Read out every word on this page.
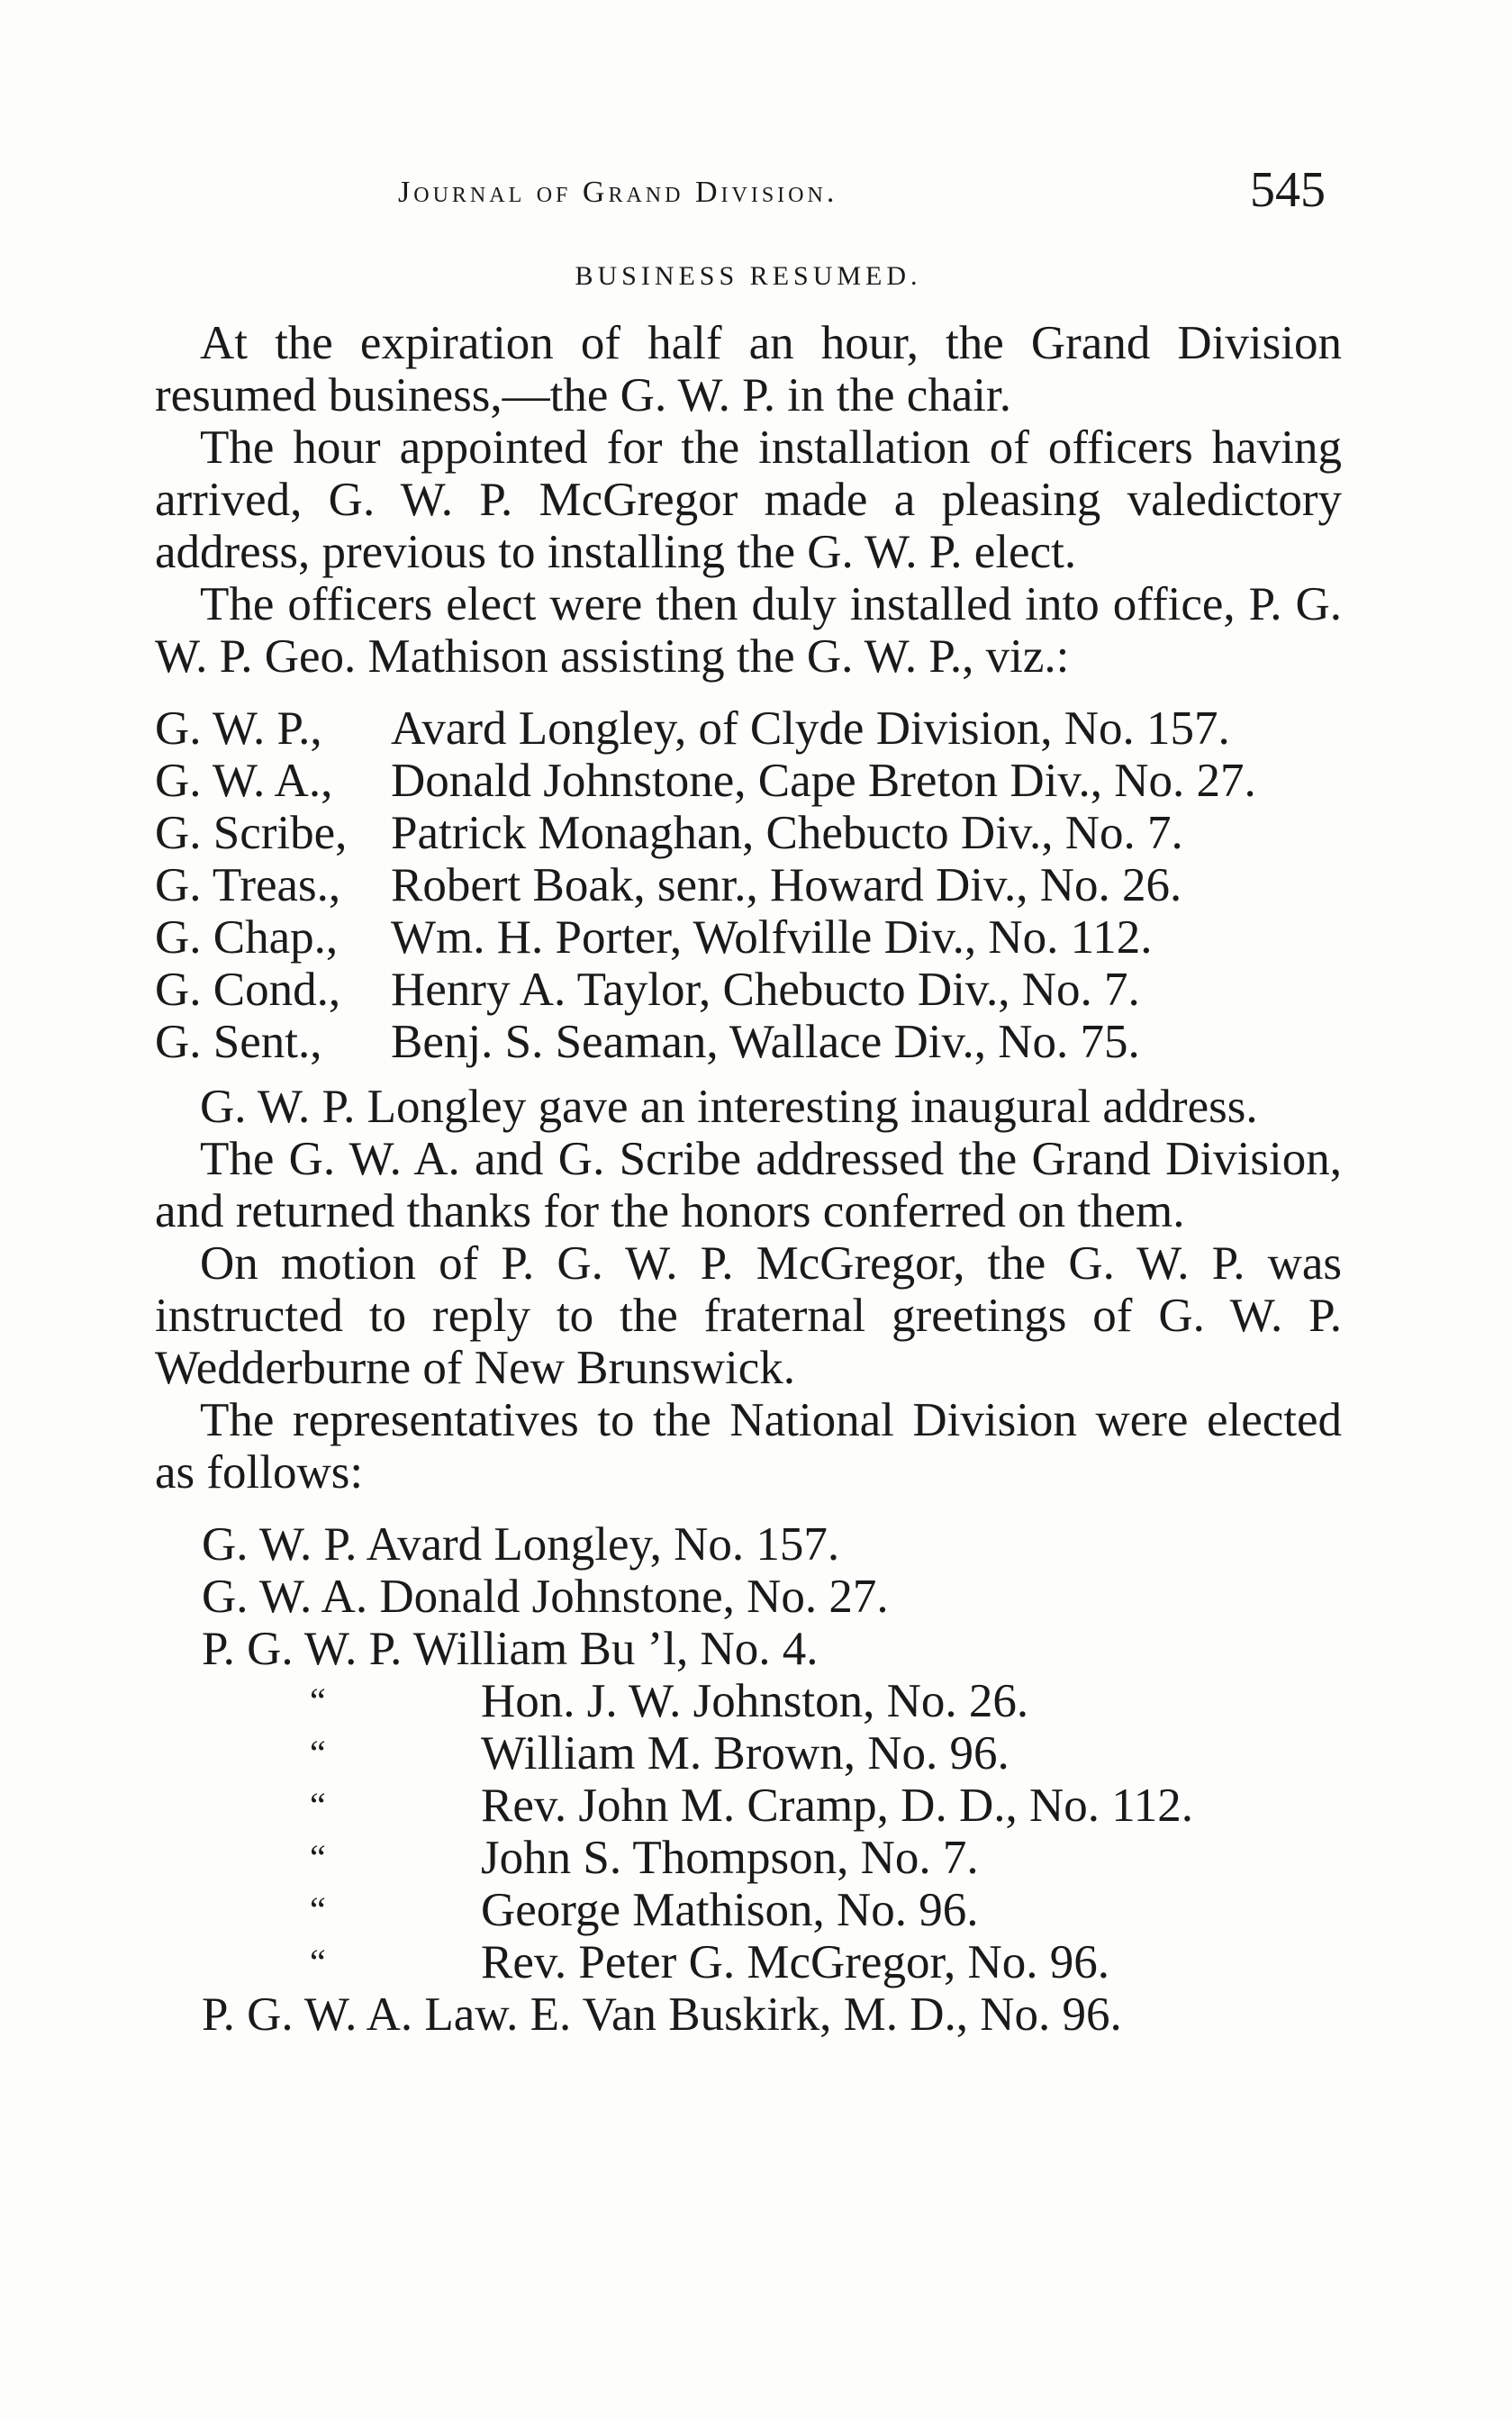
Journal of Grand Division.	545
BUSINESS RESUMED.

At the expiration of half an hour, the Grand Division resumed business,—the G. W. P. in the chair.

The hour appointed for the installation of officers having arrived, G. W. P. McGregor made a pleasing valedictory address, previous to installing the G. W. P. elect.

The officers elect were then duly installed into office, P. G. W. P. Geo. Mathison assisting the G. W. P., viz.:

G. W. P.,	Avard Longley, of Clyde Division, No. 157.
G. W. A.,	Donald Johnstone, Cape Breton Div., No. 27.
G. Scribe, Patrick Monaghan, Chebucto Div., No. 7.
G. Treas.,	Robert Boak, senr., Howard Div., No. 26.
G. Chap.,	Wm. H. Porter, Wolfville Div., No. 112.
G. Cond.,	Henry A. Taylor, Chebucto Div., No. 7.
G. Sent.,	Benj. S. Seaman, Wallace Div., No. 75.

G. W. P. Longley gave an interesting inaugural address.

The G. W. A. and G. Scribe addressed the Grand Division, and returned thanks for the honors conferred on them.

On motion of P. G. W. P. McGregor, the G. W. P. was instructed to reply to the fraternal greetings of G. W. P. Wedderburne of New Brunswick.

The representatives to the National Division were elected as follows:

G. W. P. Avard Longley, No. 157.
G. W. A. Donald Johnstone, No. 27.
P. G. W. P. William Bu⁠ ’l, No. 4.
“	Hon. J. W. Johnston, No. 26.
“	William M. Brown, No. 96.
“	Rev. John M. Cramp, D. D., No. 112.
“	John S. Thompson, No. 7.
“	George Mathison, No. 96.
“	Rev. Peter G. McGregor, No. 96.
P. G. W. A. Law. E. Van Buskirk, M. D., No. 96.
